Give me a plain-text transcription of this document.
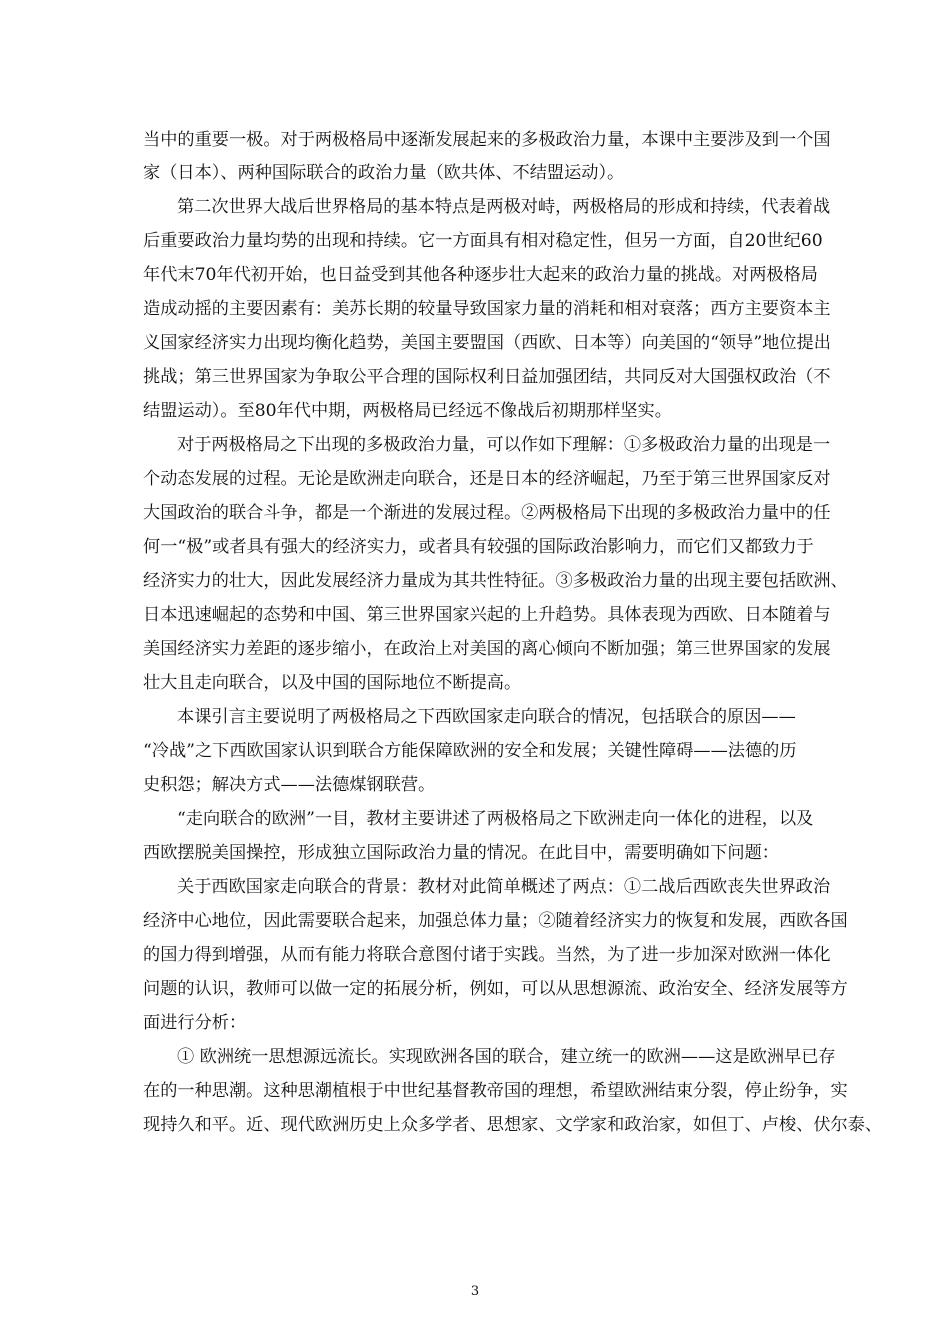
当中的重要一极。对于两极格局中逐渐发展起来的多极政治力量，本课中主要涉及到一个国
家（日本）、两种国际联合的政治力量（欧共体、不结盟运动）。
第二次世界大战后世界格局的基本特点是两极对峙，两极格局的形成和持续，代表着战
后重要政治力量均势的出现和持续。它一方面具有相对稳定性，但另一方面，自20世纪60
年代末70年代初开始，也日益受到其他各种逐步壮大起来的政治力量的挑战。对两极格局
造成动摇的主要因素有：美苏长期的较量导致国家力量的消耗和相对衰落；西方主要资本主
义国家经济实力出现均衡化趋势，美国主要盟国（西欧、日本等）向美国的“领导”地位提出
挑战；第三世界国家为争取公平合理的国际权利日益加强团结，共同反对大国强权政治（不
结盟运动）。至80年代中期，两极格局已经远不像战后初期那样坚实。
对于两极格局之下出现的多极政治力量，可以作如下理解：①多极政治力量的出现是一
个动态发展的过程。无论是欧洲走向联合，还是日本的经济崛起，乃至于第三世界国家反对
大国政治的联合斗争，都是一个渐进的发展过程。②两极格局下出现的多极政治力量中的任
何一“极”或者具有强大的经济实力，或者具有较强的国际政治影响力，而它们又都致力于
经济实力的壮大，因此发展经济力量成为其共性特征。③多极政治力量的出现主要包括欧洲、
日本迅速崛起的态势和中国、第三世界国家兴起的上升趋势。具体表现为西欧、日本随着与
美国经济实力差距的逐步缩小，在政治上对美国的离心倾向不断加强；第三世界国家的发展
壮大且走向联合，以及中国的国际地位不断提高。
本课引言主要说明了两极格局之下西欧国家走向联合的情况，包括联合的原因——
“冷战”之下西欧国家认识到联合方能保障欧洲的安全和发展；关键性障碍——法德的历
史积怨；解决方式——法德煤钢联营。
“走向联合的欧洲”一目，教材主要讲述了两极格局之下欧洲走向一体化的进程，以及
西欧摆脱美国操控，形成独立国际政治力量的情况。在此目中，需要明确如下问题：
关于西欧国家走向联合的背景：教材对此简单概述了两点：①二战后西欧丧失世界政治
经济中心地位，因此需要联合起来，加强总体力量；②随着经济实力的恢复和发展，西欧各国
的国力得到增强，从而有能力将联合意图付诸于实践。当然，为了进一步加深对欧洲一体化
问题的认识，教师可以做一定的拓展分析，例如，可以从思想源流、政治安全、经济发展等方
面进行分析：
① 欧洲统一思想源远流长。实现欧洲各国的联合，建立统一的欧洲——这是欧洲早已存
在的一种思潮。这种思潮植根于中世纪基督教帝国的理想，希望欧洲结束分裂，停止纷争，实
现持久和平。近、现代欧洲历史上众多学者、思想家、文学家和政治家，如但丁、卢梭、伏尔泰、
3
